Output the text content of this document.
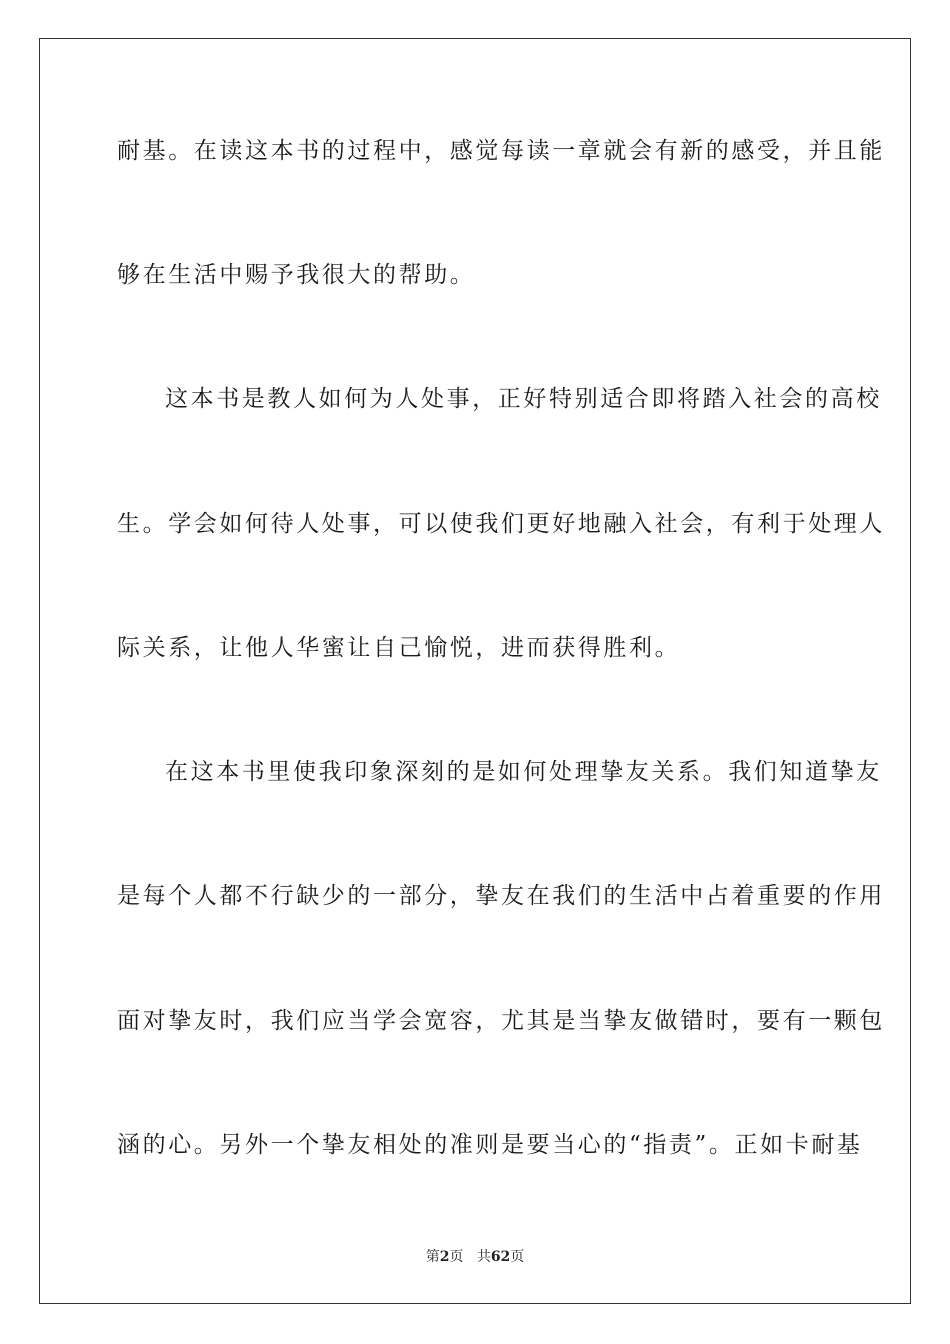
耐基。在读这本书的过程中，感觉每读一章就会有新的感受，并且能
够在生活中赐予我很大的帮助。
这本书是教人如何为人处事，正好特别适合即将踏入社会的高校
生。学会如何待人处事，可以使我们更好地融入社会，有利于处理人
际关系，让他人华蜜让自己愉悦，进而获得胜利。
在这本书里使我印象深刻的是如何处理挚友关系。我们知道挚友
是每个人都不行缺少的一部分，挚友在我们的生活中占着重要的作用
面对挚友时，我们应当学会宽容，尤其是当挚友做错时，要有一颗包
涵的心。另外一个挚友相处的准则是要当心的“指责”。正如卡耐基
第2页 共62页
